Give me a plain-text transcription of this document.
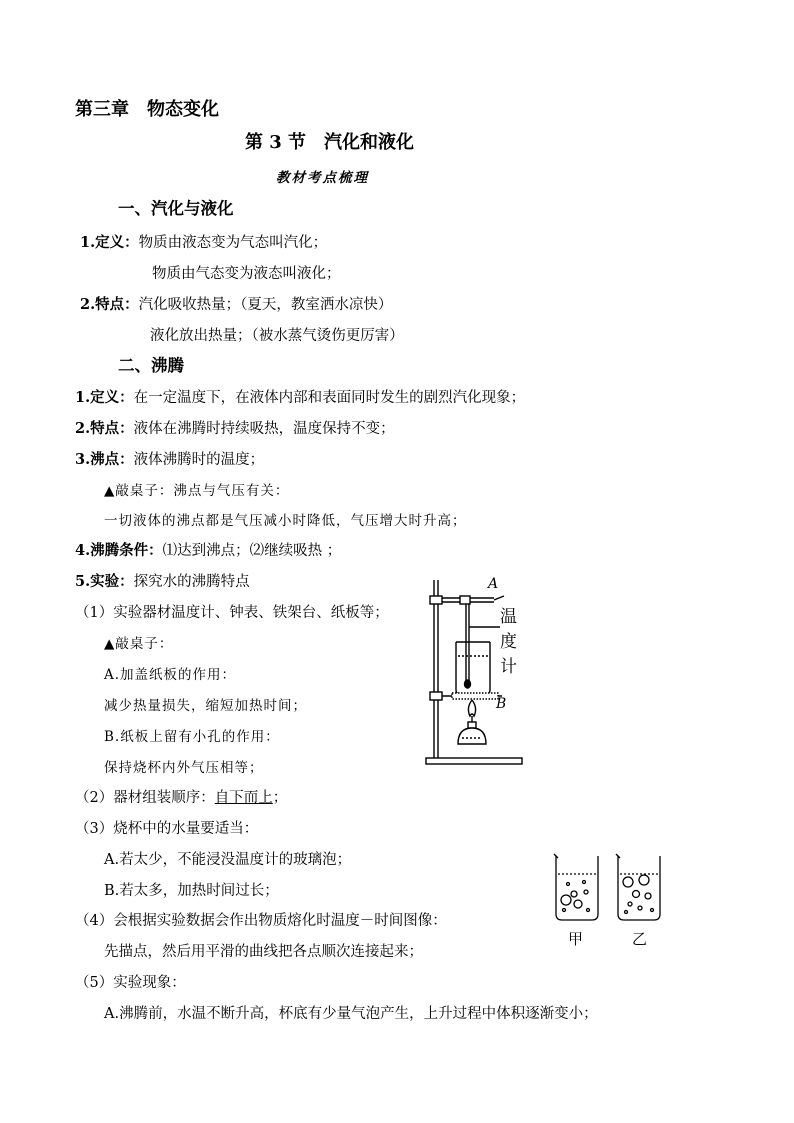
第三章　物态变化
第 3 节　汽化和液化
教材考点梳理
一、汽化与液化
1.定义：物质由液态变为气态叫汽化；
物质由气态变为液态叫液化；
2.特点：汽化吸收热量；（夏天，教室洒水凉快）
液化放出热量；（被水蒸气烫伤更厉害）
二、沸腾
1.定义：在一定温度下，在液体内部和表面同时发生的剧烈汽化现象；
2.特点：液体在沸腾时持续吸热，温度保持不变；
3.沸点：液体沸腾时的温度；
▲敲桌子：沸点与气压有关：
一切液体的沸点都是气压减小时降低，气压增大时升高；
4.沸腾条件：⑴达到沸点；⑵继续吸热 ；
5.实验：探究水的沸腾特点
（1）实验器材温度计、钟表、铁架台、纸板等；
▲敲桌子：
A.加盖纸板的作用：
减少热量损失，缩短加热时间；
B.纸板上留有小孔的作用：
保持烧杯内外气压相等；
（2）器材组装顺序：自下而上；
（3）烧杯中的水量要适当：
A.若太少，不能浸没温度计的玻璃泡；
B.若太多，加热时间过长；
（4）会根据实验数据会作出物质熔化时温度－时间图像：
先描点，然后用平滑的曲线把各点顺次连接起来；
（5）实验现象：
A.沸腾前，水温不断升高，杯底有少量气泡产生，上升过程中体积逐渐变小；
A
B
温
度
计
甲	乙
